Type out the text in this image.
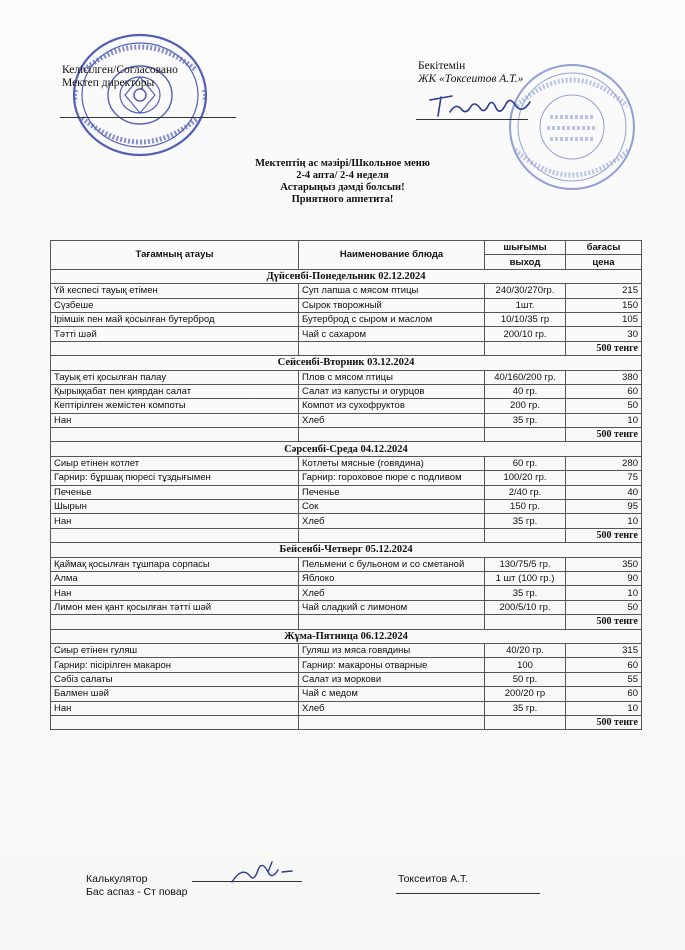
Келісілген/Согласовано
Мектеп директоры
Бекітемін
ЖК «Токсеитов А.Т.»
Мектептің ас мәзірі/Школьное меню
2-4 апта/ 2-4 неделя
Астарыңыз дәмді болсын!
Приятного аппетита!
Тағамның атауы	Наименование блюда	шығымы	бағасы
		выход	цена
Дүйсенбі-Понедельник 02.12.2024			
Үй кеспесі тауық етімен	Суп лапша с мясом птицы	240/30/270гр.	215
Сүзбеше	Сырок творожный	1шт.	150
Ірімшік пен май қосылған бутерброд	Бутерброд с сыром и маслом	10/10/35 гр	105
Тәтті шәй	Чай с сахаром	200/10 гр.	30
			500 тенге
Сейсенбі-Вторник 03.12.2024			
Тауық еті қосылған палау	Плов с мясом птицы	40/160/200 гр.	380
Қырыққабат пен қиярдан салат	Салат из капусты и огурцов	40 гр.	60
Кептірілген жемістен компоты	Компот из сухофруктов	200 гр.	50
Нан	Хлеб	35 гр.	10
			500 тенге
Сәрсенбі-Среда 04.12.2024			
Сиыр етінен котлет	Котлеты мясные (говядина)	60 гр.	280
Гарнир: бұршақ пюресі тұздығымен	Гарнир: гороховое пюре с подливом	100/20 гр.	75
Печенье	Печенье	2/40 гр.	40
Шырын	Сок	150 гр.	95
Нан	Хлеб	35 гр.	10
			500 тенге
Бейсенбі-Четверг 05.12.2024			
Қаймақ қосылған тұшпара сорпасы	Пельмени с бульоном и со сметаной	130/75/5 гр.	350
Алма	Яблоко	1 шт (100 гр.)	90
Нан	Хлеб	35 гр.	10
Лимон мен қант қосылған тәтті шәй	Чай сладкий с лимоном	200/5/10 гр.	50
			500 тенге
Жұма-Пятница 06.12.2024			
Сиыр етінен гуляш	Гуляш из мяса говядины	40/20 гр.	315
Гарнир: пісірілген макарон	Гарнир: макароны отварные	100	60
Сәбіз салаты	Салат из моркови	50 гр.	55
Балмен шәй	Чай с медом	200/20 гр	60
Нан	Хлеб	35 гр.	10
			500 тенге
Калькулятор
Бас аспаз - Ст повар
Токсеитов А.Т.
